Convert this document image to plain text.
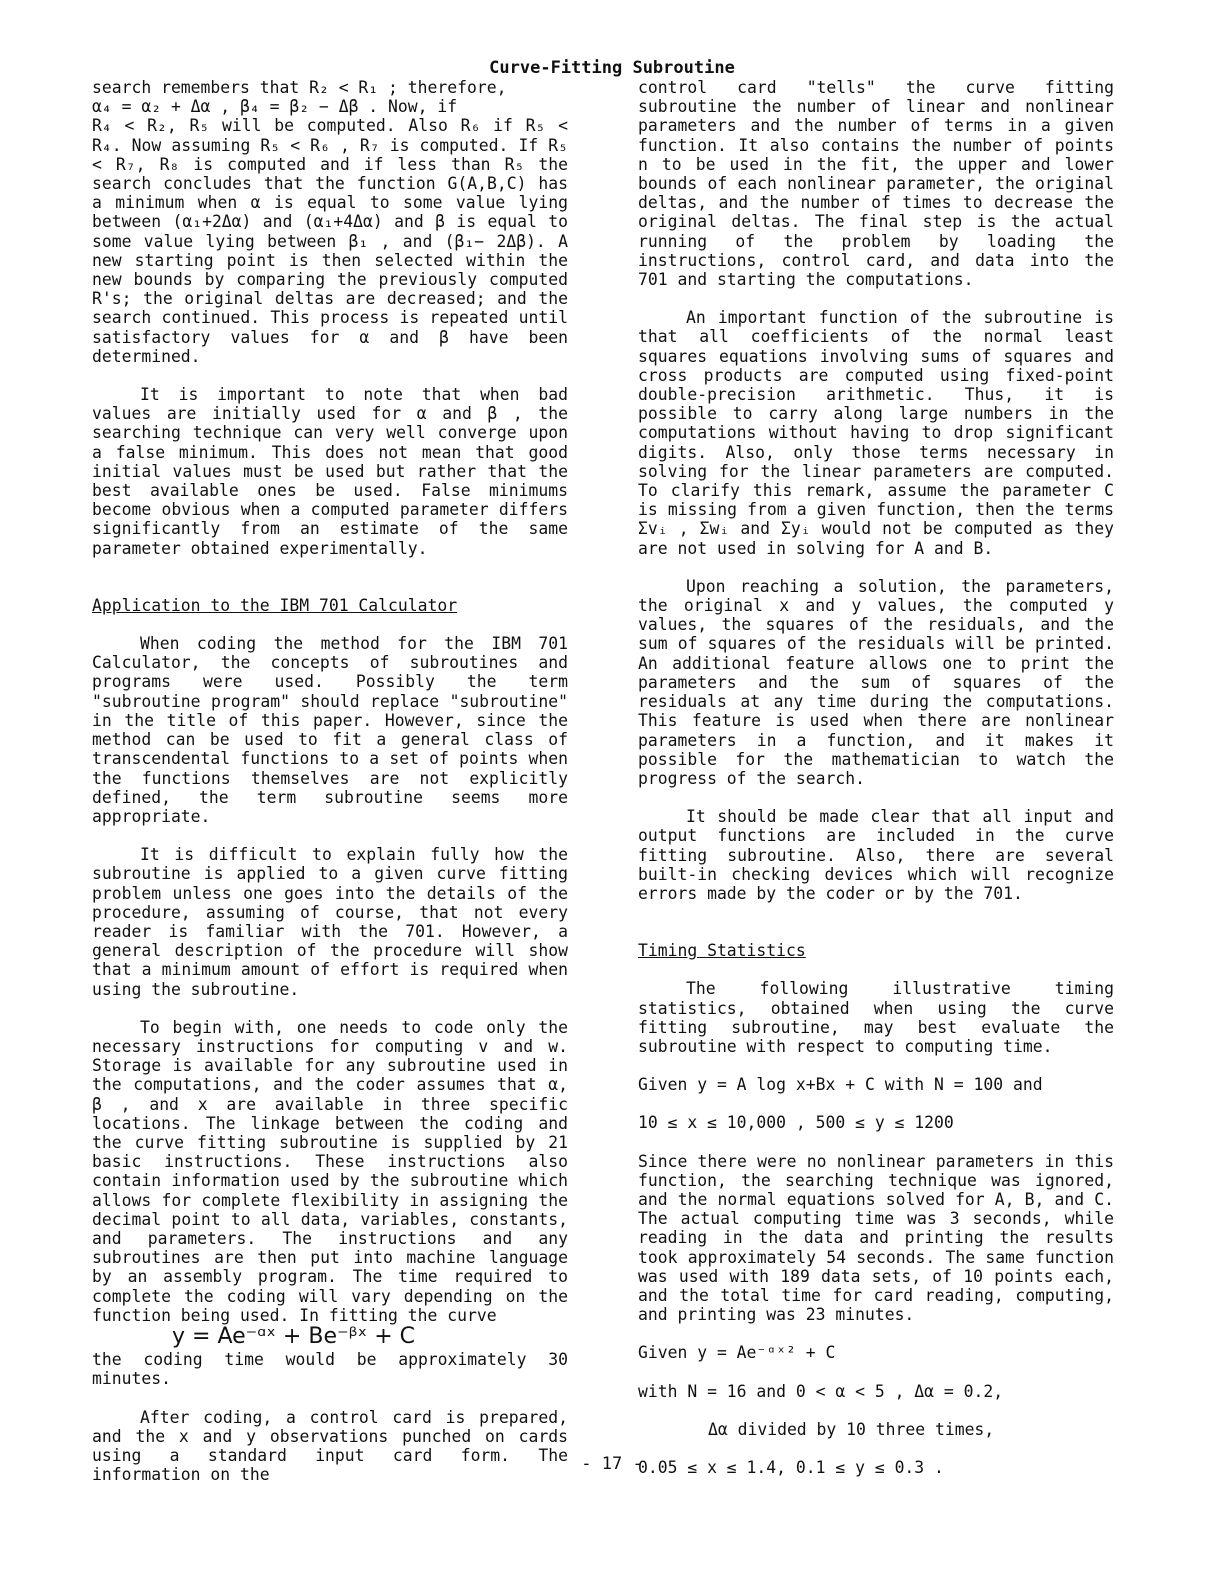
Curve-Fitting Subroutine

search remembers that R₂ < R₁ ; therefore,

α₄ = α₂ + Δα , β₄ = β₂ − Δβ . Now, if

R₄ < R₂, R₅ will be computed. Also R₆ if R₅ < R₄. Now assuming R₅ < R₆ , R₇ is computed. If R₅ < R₇, R₈ is computed and if less than R₅ the search concludes that the function G(A,B,C) has a minimum when α is equal to some value lying between (α₁+2Δα) and (α₁+4Δα) and β is equal to some value lying between β₁ , and (β₁− 2Δβ). A new starting point is then selected within the new bounds by comparing the previously computed R's; the original deltas are decreased; and the search continued. This process is repeated until satisfactory values for α and β have been determined.

It is important to note that when bad values are initially used for α and β , the searching technique can very well converge upon a false minimum. This does not mean that good initial values must be used but rather that the best available ones be used. False minimums become obvious when a computed parameter differs significantly from an estimate of the same parameter obtained experimentally.

Application to the IBM 701 Calculator

When coding the method for the IBM 701 Calculator, the concepts of subroutines and programs were used. Possibly the term "subroutine program" should replace "subroutine" in the title of this paper. However, since the method can be used to fit a general class of transcendental functions to a set of points when the functions themselves are not explicitly defined, the term subroutine seems more appropriate.

It is difficult to explain fully how the subroutine is applied to a given curve fitting problem unless one goes into the details of the procedure, assuming of course, that not every reader is familiar with the 701. However, a general description of the procedure will show that a minimum amount of effort is required when using the subroutine.

To begin with, one needs to code only the necessary instructions for computing v and w. Storage is available for any subroutine used in the computations, and the coder assumes that α, β , and x are available in three specific locations. The linkage between the coding and the curve fitting subroutine is supplied by 21 basic instructions. These instructions also contain information used by the subroutine which allows for complete flexibility in assigning the decimal point to all data, variables, constants, and parameters. The instructions and any subroutines are then put into machine language by an assembly program. The time required to complete the coding will vary depending on the function being used. In fitting the curve

y = Ae⁻ᵅˣ + Be⁻ᵝˣ + C

the coding time would be approximately 30 minutes.

After coding, a control card is prepared, and the x and y observations punched on cards using a standard input card form. The information on the

control card "tells" the curve fitting subroutine the number of linear and nonlinear parameters and the number of terms in a given function. It also contains the number of points n to be used in the fit, the upper and lower bounds of each nonlinear parameter, the original deltas, and the number of times to decrease the original deltas. The final step is the actual running of the problem by loading the instructions, control card, and data into the 701 and starting the computations.

An important function of the subroutine is that all coefficients of the normal least squares equations involving sums of squares and cross products are computed using fixed-point double-precision arithmetic. Thus, it is possible to carry along large numbers in the computations without having to drop significant digits. Also, only those terms necessary in solving for the linear parameters are computed. To clarify this remark, assume the parameter C is missing from a given function, then the terms Σvᵢ , Σwᵢ and Σyᵢ would not be computed as they are not used in solving for A and B.

Upon reaching a solution, the parameters, the original x and y values, the computed y values, the squares of the residuals, and the sum of squares of the residuals will be printed. An additional feature allows one to print the parameters and the sum of squares of the residuals at any time during the computations. This feature is used when there are nonlinear parameters in a function, and it makes it possible for the mathematician to watch the progress of the search.

It should be made clear that all input and output functions are included in the curve fitting subroutine. Also, there are several built-in checking devices which will recognize errors made by the coder or by the 701.

Timing Statistics

The following illustrative timing statistics, obtained when using the curve fitting subroutine, may best evaluate the subroutine with respect to computing time.

Given y = A log x+Bx + C with N = 100 and

10 ≤ x ≤ 10,000 , 500 ≤ y ≤ 1200

Since there were no nonlinear parameters in this function, the searching technique was ignored, and the normal equations solved for A, B, and C. The actual computing time was 3 seconds, while reading in the data and printing the results took approximately 54 seconds. The same function was used with 189 data sets, of 10 points each, and the total time for card reading, computing, and printing was 23 minutes.

Given y = Ae⁻ᵅˣ² + C

with N = 16 and 0 < α < 5 , Δα = 0.2,

Δα divided by 10 three times,

0.05 ≤ x ≤ 1.4, 0.1 ≤ y ≤ 0.3 .

- 17 -
